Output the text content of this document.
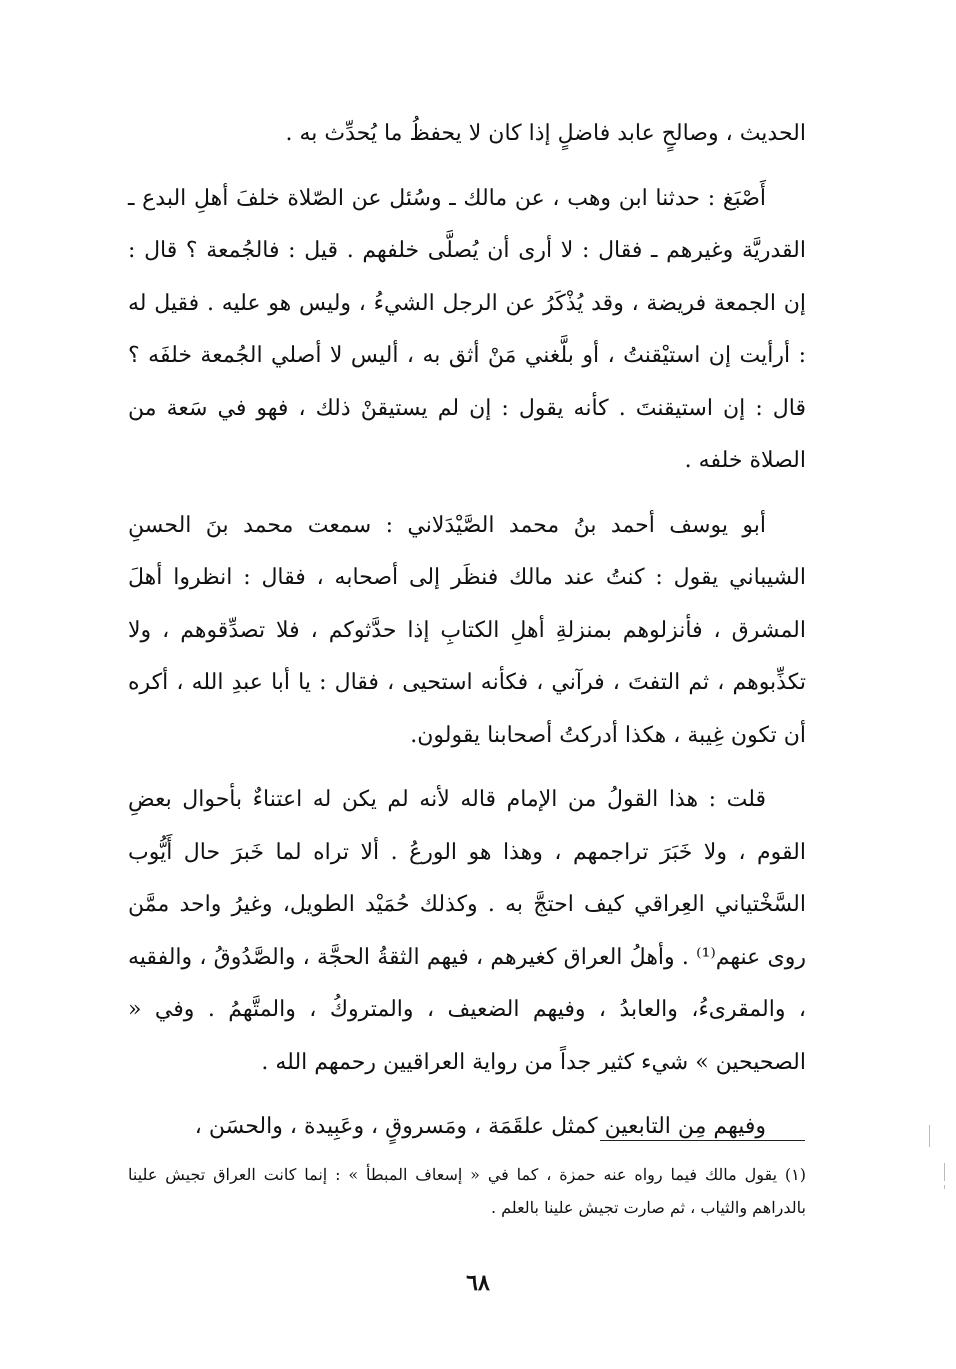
الحديث ، وصالحٍ عابد فاضلٍ إذا كان لا يحفظُ ما يُحدِّث به .

أَصْبَغ : حدثنا ابن وهب ، عن مالك ـ وسُئل عن الصّلاة خلفَ أهلِ البدع ـ القدريَّة وغيرهم ـ فقال : لا أرى أن يُصلَّى خلفهم . قيل : فالجُمعة ؟ قال : إن الجمعة فريضة ، وقد يُذْكَرُ عن الرجل الشيءُ ، وليس هو عليه . فقيل له : أرأيت إن استيْقنتُ ، أو بلَّغني مَنْ أثق به ، أليس لا أصلي الجُمعة خلفَه ؟ قال : إن استيقنتَ . كأنه يقول : إن لم يستيقنْ ذلك ، فهو في سَعة من الصلاة خلفه .

أبو يوسف أحمد بنُ محمد الصَّيْدَلاني : سمعت محمد بنَ الحسنِ الشيباني يقول : كنتُ عند مالك فنظَر إلى أصحابه ، فقال : انظروا أهلَ المشرق ، فأنزلوهم بمنزلةِ أهلِ الكتابِ إذا حدَّثوكم ، فلا تصدِّقوهم ، ولا تكذِّبوهم ، ثم التفتَ ، فرآني ، فكأنه استحيى ، فقال : يا أبا عبدِ الله ، أكره أن تكون غِيبة ، هكذا أدركتُ أصحابنا يقولون.

قلت : هذا القولُ من الإمام قاله لأنه لم يكن له اعتناءٌ بأحوال بعضِ القوم ، ولا خَبَرَ تراجمهم ، وهذا هو الورعُ . ألا تراه لما خَبرَ حال أَيُّوب السَّخْتياني العِراقي كيف احتجَّ به . وكذلك حُمَيْد الطويل، وغيرُ واحد ممَّن روى عنهم⁽¹⁾ . وأهلُ العراق كغيرهم ، فيهم الثقةُ الحجَّة ، والصَّدُوقُ ، والفقيه ، والمقرىءُ، والعابدُ ، وفيهم الضعيف ، والمتروكُ ، والمتَّهمُ . وفي « الصحيحين » شيء كثير جداً من رواية العراقيين رحمهم الله .

وفيهم مِن التابعين كمثل علقَمَة ، ومَسروقٍ ، وعَبِيدة ، والحسَن ،

(١) يقول مالك فيما رواه عنه حمزة ، كما في « إسعاف المبطأ » : إنما كانت العراق تجيش علينا بالدراهم والثياب ، ثم صارت تجيش علينا بالعلم .

٦٨
